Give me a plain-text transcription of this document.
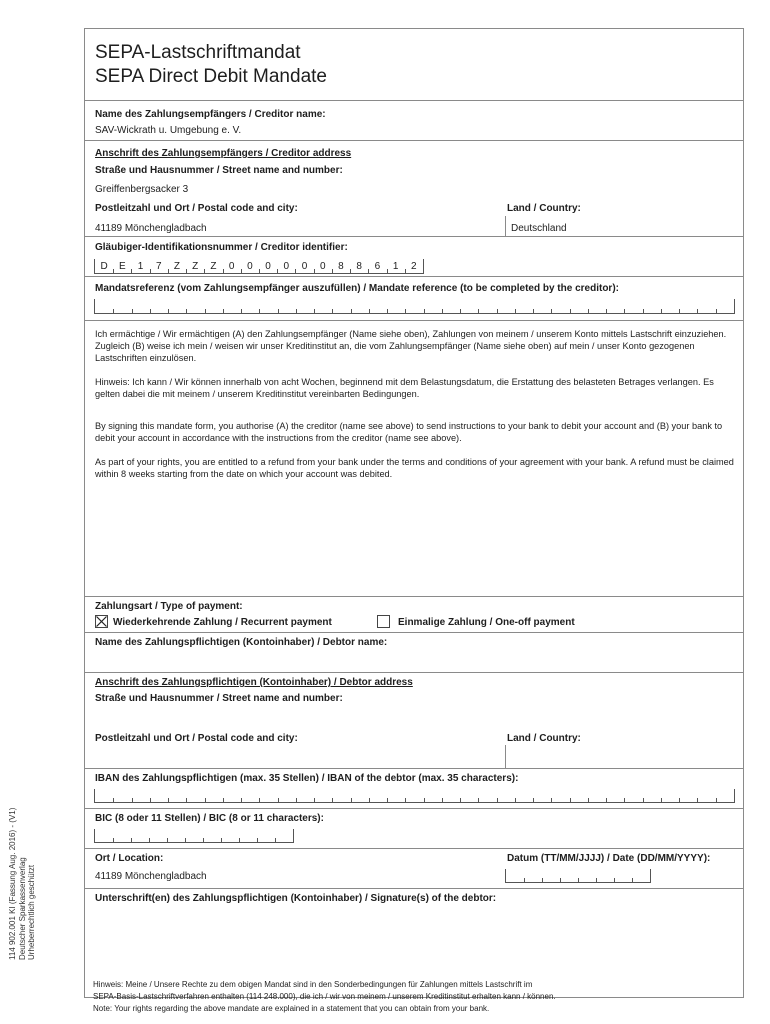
SEPA-Lastschriftmandat
SEPA Direct Debit Mandate
Name des Zahlungsempfängers / Creditor name:
SAV-Wickrath u. Umgebung e. V.
Anschrift des Zahlungsempfängers / Creditor address
Straße und Hausnummer / Street name and number:
Greiffenbergsacker 3
Postleitzahl und Ort / Postal code and city:
41189 Mönchengladbach
Land / Country:
Deutschland
Gläubiger-Identifikationsnummer / Creditor identifier:
D	E	1	7	Z	Z	Z	0	0	0	0	0	0	8	8	6	1	2
Mandatsreferenz (vom Zahlungsempfänger auszufüllen) / Mandate reference (to be completed by the creditor):

Ich ermächtige / Wir ermächtigen (A) den Zahlungsempfänger (Name siehe oben), Zahlungen von meinem / unserem Konto mittels Lastschrift einzuziehen. Zugleich (B) weise ich mein / weisen wir unser Kreditinstitut an, die vom Zahlungsempfänger (Name siehe oben) auf mein / unser Konto gezogenen Lastschriften einzulösen.

Hinweis: Ich kann / Wir können innerhalb von acht Wochen, beginnend mit dem Belastungsdatum, die Erstattung des belasteten Betrages verlangen. Es gelten dabei die mit meinem / unserem Kreditinstitut vereinbarten Bedingungen.

By signing this mandate form, you authorise (A) the creditor (name see above) to send instructions to your bank to debit your account and (B) your bank to debit your account in accordance with the instructions from the creditor (name see above).

As part of your rights, you are entitled to a refund from your bank under the terms and conditions of your agreement with your bank. A refund must be claimed within 8 weeks starting from the date on which your account was debited.

Zahlungsart / Type of payment:
Wiederkehrende Zahlung / Recurrent payment	Einmalige Zahlung / One-off payment
Name des Zahlungspflichtigen (Kontoinhaber) / Debtor name:
Anschrift des Zahlungspflichtigen (Kontoinhaber) / Debtor address
Straße und Hausnummer / Street name and number:
Postleitzahl und Ort / Postal code and city:	Land / Country:
IBAN des Zahlungspflichtigen (max. 35 Stellen) / IBAN of the debtor (max. 35 characters):
BIC (8 oder 11 Stellen) / BIC (8 or 11 characters):
Ort / Location:
41189 Mönchengladbach
Datum (TT/MM/JJJJ) / Date (DD/MM/YYYY):
Unterschrift(en) des Zahlungspflichtigen (Kontoinhaber) / Signature(s) of the debtor:
114 902.001 KI (Fassung Aug. 2016) - (V1) Deutscher Sparkassenverlag Urheberrechtlich geschützt
Hinweis: Meine / Unsere Rechte zu dem obigen Mandat sind in den Sonderbedingungen für Zahlungen mittels Lastschrift im
SEPA-Basis-Lastschriftverfahren enthalten (114 248.000), die ich / wir von meinem / unserem Kreditinstitut erhalten kann / können.
Note: Your rights regarding the above mandate are explained in a statement that you can obtain from your bank.
